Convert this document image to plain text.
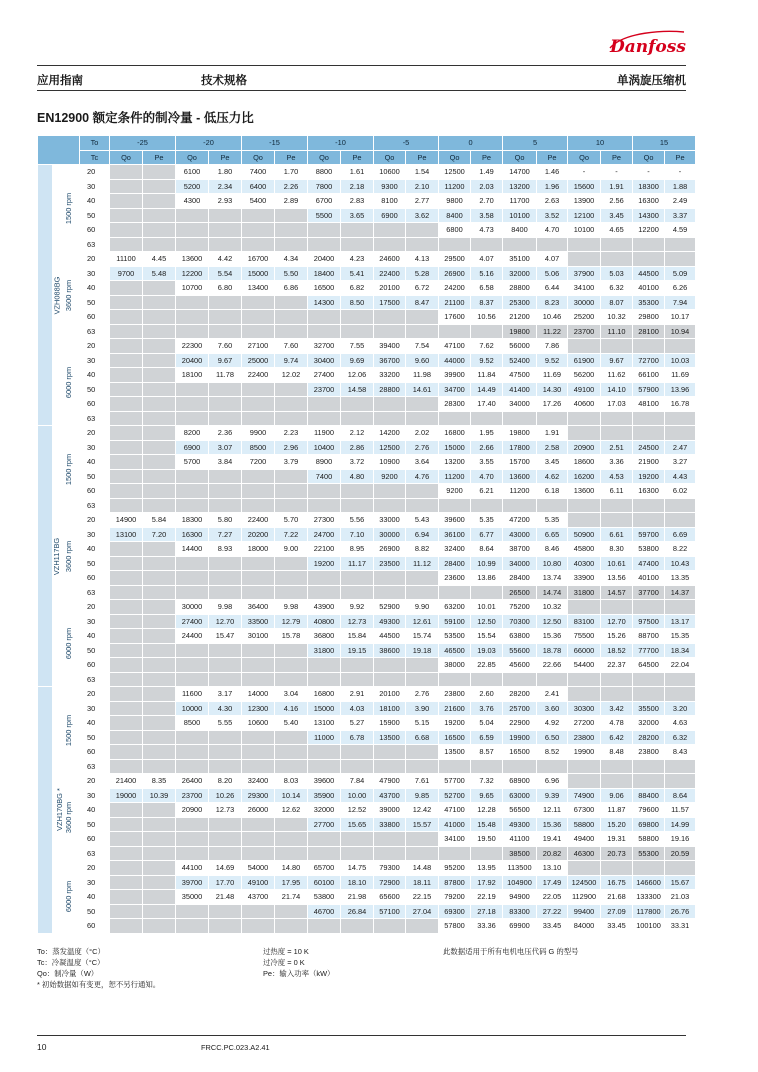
Danfoss
应用指南	技术规格	单涡旋压缩机
EN12900 额定条件的制冷量 - 低压力比
		To	-25		-20		-15		-10		-5		0		5		10		15	
		Tc	Qo	Pe	Qo	Pe	Qo	Pe	Qo	Pe	Qo	Pe	Qo	Pe	Qo	Pe	Qo	Pe	Qo	Pe
VZH088BG	1500 rpm	20			6100	1.80	7400	1.70	8800	1.61	10600	1.54	12500	1.49	14700	1.46	-	-	-	-
		30			5200	2.34	6400	2.26	7800	2.18	9300	2.10	11200	2.03	13200	1.96	15600	1.91	18300	1.88
		40			4300	2.93	5400	2.89	6700	2.83	8100	2.77	9800	2.70	11700	2.63	13900	2.56	16300	2.49
		50							5500	3.65	6900	3.62	8400	3.58	10100	3.52	12100	3.45	14300	3.37
		60											6800	4.73	8400	4.70	10100	4.65	12200	4.59
		63																		
	3600 rpm	20	11100	4.45	13600	4.42	16700	4.34	20400	4.23	24600	4.13	29500	4.07	35100	4.07				
		30	9700	5.48	12200	5.54	15000	5.50	18400	5.41	22400	5.28	26900	5.16	32000	5.06	37900	5.03	44500	5.09
		40			10700	6.80	13400	6.86	16500	6.82	20100	6.72	24200	6.58	28800	6.44	34100	6.32	40100	6.26
		50							14300	8.50	17500	8.47	21100	8.37	25300	8.23	30000	8.07	35300	7.94
		60											17600	10.56	21200	10.46	25200	10.32	29800	10.17
		63													19800	11.22	23700	11.10	28100	10.94
	6000 rpm	20			22300	7.60	27100	7.60	32700	7.55	39400	7.54	47100	7.62	56000	7.86				
		30			20400	9.67	25000	9.74	30400	9.69	36700	9.60	44000	9.52	52400	9.52	61900	9.67	72700	10.03
		40			18100	11.78	22400	12.02	27400	12.06	33200	11.98	39900	11.84	47500	11.69	56200	11.62	66100	11.69
		50							23700	14.58	28800	14.61	34700	14.49	41400	14.30	49100	14.10	57900	13.96
		60											28300	17.40	34000	17.26	40600	17.03	48100	16.78
		63																		
VZH117BG	1500 rpm	20			8200	2.36	9900	2.23	11900	2.12	14200	2.02	16800	1.95	19800	1.91				
		30			6900	3.07	8500	2.96	10400	2.86	12500	2.76	15000	2.66	17800	2.58	20900	2.51	24500	2.47
		40			5700	3.84	7200	3.79	8900	3.72	10900	3.64	13200	3.55	15700	3.45	18600	3.36	21900	3.27
		50							7400	4.80	9200	4.76	11200	4.70	13600	4.62	16200	4.53	19200	4.43
		60											9200	6.21	11200	6.18	13600	6.11	16300	6.02
		63																		
	3600 rpm	20	14900	5.84	18300	5.80	22400	5.70	27300	5.56	33000	5.43	39600	5.35	47200	5.35				
		30	13100	7.20	16300	7.27	20200	7.22	24700	7.10	30000	6.94	36100	6.77	43000	6.65	50900	6.61	59700	6.69
		40			14400	8.93	18000	9.00	22100	8.95	26900	8.82	32400	8.64	38700	8.46	45800	8.30	53800	8.22
		50							19200	11.17	23500	11.12	28400	10.99	34000	10.80	40300	10.61	47400	10.43
		60											23600	13.86	28400	13.74	33900	13.56	40100	13.35
		63													26500	14.74	31800	14.57	37700	14.37
	6000 rpm	20			30000	9.98	36400	9.98	43900	9.92	52900	9.90	63200	10.01	75200	10.32				
		30			27400	12.70	33500	12.79	40800	12.73	49300	12.61	59100	12.50	70300	12.50	83100	12.70	97500	13.17
		40			24400	15.47	30100	15.78	36800	15.84	44500	15.74	53500	15.54	63800	15.36	75500	15.26	88700	15.35
		50							31800	19.15	38600	19.18	46500	19.03	55600	18.78	66000	18.52	77700	18.34
		60											38000	22.85	45600	22.66	54400	22.37	64500	22.04
		63																		
VZH170BG *	1500 rpm	20			11600	3.17	14000	3.04	16800	2.91	20100	2.76	23800	2.60	28200	2.41				
		30			10000	4.30	12300	4.16	15000	4.03	18100	3.90	21600	3.76	25700	3.60	30300	3.42	35500	3.20
		40			8500	5.55	10600	5.40	13100	5.27	15900	5.15	19200	5.04	22900	4.92	27200	4.78	32000	4.63
		50							11000	6.78	13500	6.68	16500	6.59	19900	6.50	23800	6.42	28200	6.32
		60											13500	8.57	16500	8.52	19900	8.48	23800	8.43
		63																		
	3600 rpm	20	21400	8.35	26400	8.20	32400	8.03	39600	7.84	47900	7.61	57700	7.32	68900	6.96				
		30	19000	10.39	23700	10.26	29300	10.14	35900	10.00	43700	9.85	52700	9.65	63000	9.39	74900	9.06	88400	8.64
		40			20900	12.73	26000	12.62	32000	12.52	39000	12.42	47100	12.28	56500	12.11	67300	11.87	79600	11.57
		50							27700	15.65	33800	15.57	41000	15.48	49300	15.36	58800	15.20	69800	14.99
		60											34100	19.50	41100	19.41	49400	19.31	58800	19.16
		63													38500	20.82	46300	20.73	55300	20.59
	6000 rpm	20			44100	14.69	54000	14.80	65700	14.75	79300	14.48	95200	13.95	113500	13.10				
		30			39700	17.70	49100	17.95	60100	18.10	72900	18.11	87800	17.92	104900	17.49	124500	16.75	146600	15.67
		40			35000	21.48	43700	21.74	53800	21.98	65600	22.15	79200	22.19	94900	22.05	112900	21.68	133300	21.03
		50							46700	26.84	57100	27.04	69300	27.18	83300	27.22	99400	27.09	117800	26.76
		60											57800	33.36	69900	33.45	84000	33.45	100100	33.31
To：蒸发温度（°C）
Tc：冷凝温度（°C）
Qo：制冷量（W）
* 初始数据如有变更，恕不另行通知。
过热度 = 10 K
过冷度 = 0 K
Pe：输入功率（kW）
此数据适用于所有电机电压代码 G 的型号
10	FRCC.PC.023.A2.41
